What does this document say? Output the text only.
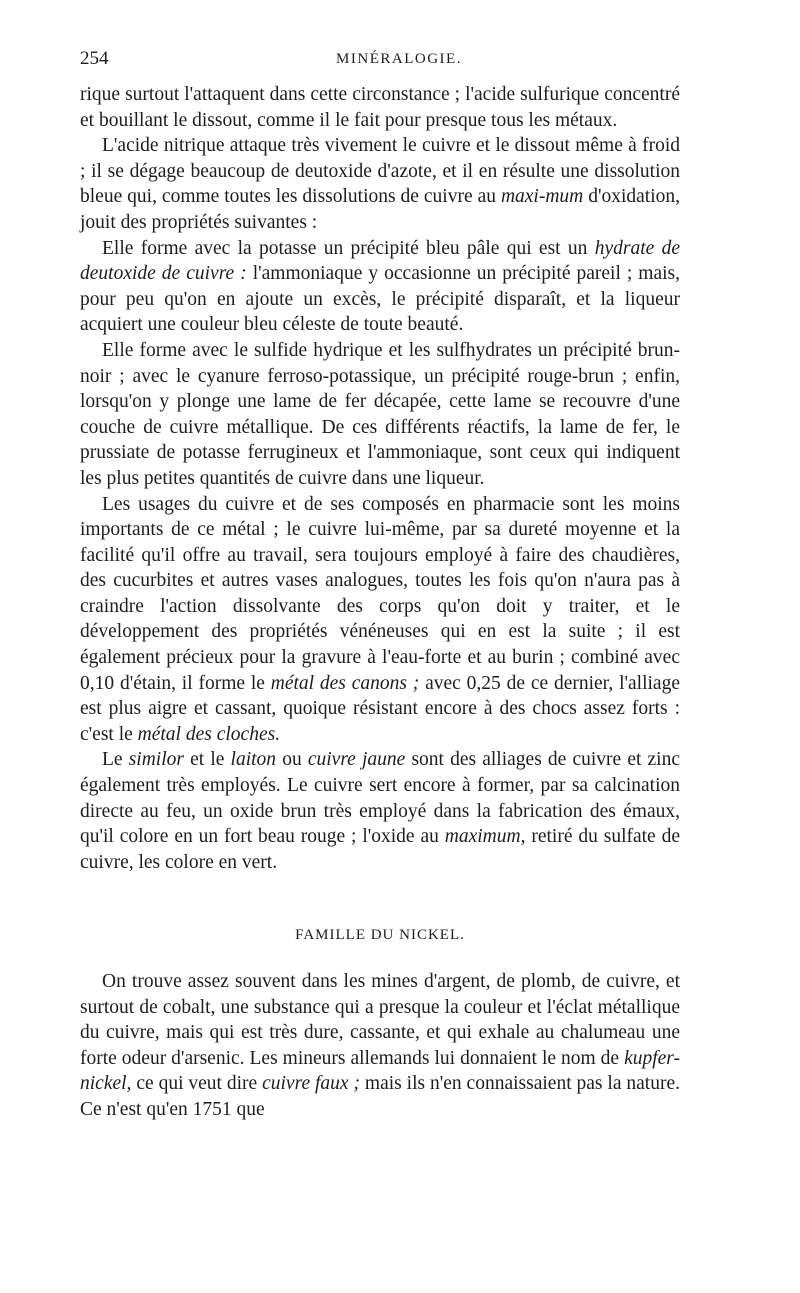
254	MINÉRALOGIE.

rique surtout l'attaquent dans cette circonstance ; l'acide sulfurique concentré et bouillant le dissout, comme il le fait pour presque tous les métaux.

L'acide nitrique attaque très vivement le cuivre et le dissout même à froid ; il se dégage beaucoup de deutoxide d'azote, et il en résulte une dissolution bleue qui, comme toutes les dissolutions de cuivre au maxi-mum d'oxidation, jouit des propriétés suivantes :

Elle forme avec la potasse un précipité bleu pâle qui est un hydrate de deutoxide de cuivre : l'ammoniaque y occasionne un précipité pareil ; mais, pour peu qu'on en ajoute un excès, le précipité disparaît, et la liqueur acquiert une couleur bleu céleste de toute beauté.

Elle forme avec le sulfide hydrique et les sulfhydrates un précipité brun-noir ; avec le cyanure ferroso-potassique, un précipité rouge-brun ; enfin, lorsqu'on y plonge une lame de fer décapée, cette lame se recouvre d'une couche de cuivre métallique. De ces différents réactifs, la lame de fer, le prussiate de potasse ferrugineux et l'ammoniaque, sont ceux qui indiquent les plus petites quantités de cuivre dans une liqueur.

Les usages du cuivre et de ses composés en pharmacie sont les moins importants de ce métal ; le cuivre lui-même, par sa dureté moyenne et la facilité qu'il offre au travail, sera toujours employé à faire des chaudières, des cucurbites et autres vases analogues, toutes les fois qu'on n'aura pas à craindre l'action dissolvante des corps qu'on doit y traiter, et le développement des propriétés vénéneuses qui en est la suite ; il est également précieux pour la gravure à l'eau-forte et au burin ; combiné avec 0,10 d'étain, il forme le métal des canons ; avec 0,25 de ce dernier, l'alliage est plus aigre et cassant, quoique résistant encore à des chocs assez forts : c'est le métal des cloches.

Le similor et le laiton ou cuivre jaune sont des alliages de cuivre et zinc également très employés. Le cuivre sert encore à former, par sa calcination directe au feu, un oxide brun très employé dans la fabrication des émaux, qu'il colore en un fort beau rouge ; l'oxide au maximum, retiré du sulfate de cuivre, les colore en vert.

FAMILLE DU NICKEL.

On trouve assez souvent dans les mines d'argent, de plomb, de cuivre, et surtout de cobalt, une substance qui a presque la couleur et l'éclat métallique du cuivre, mais qui est très dure, cassante, et qui exhale au chalumeau une forte odeur d'arsenic. Les mineurs allemands lui donnaient le nom de kupfer-nickel, ce qui veut dire cuivre faux ; mais ils n'en connaissaient pas la nature. Ce n'est qu'en 1751 que
